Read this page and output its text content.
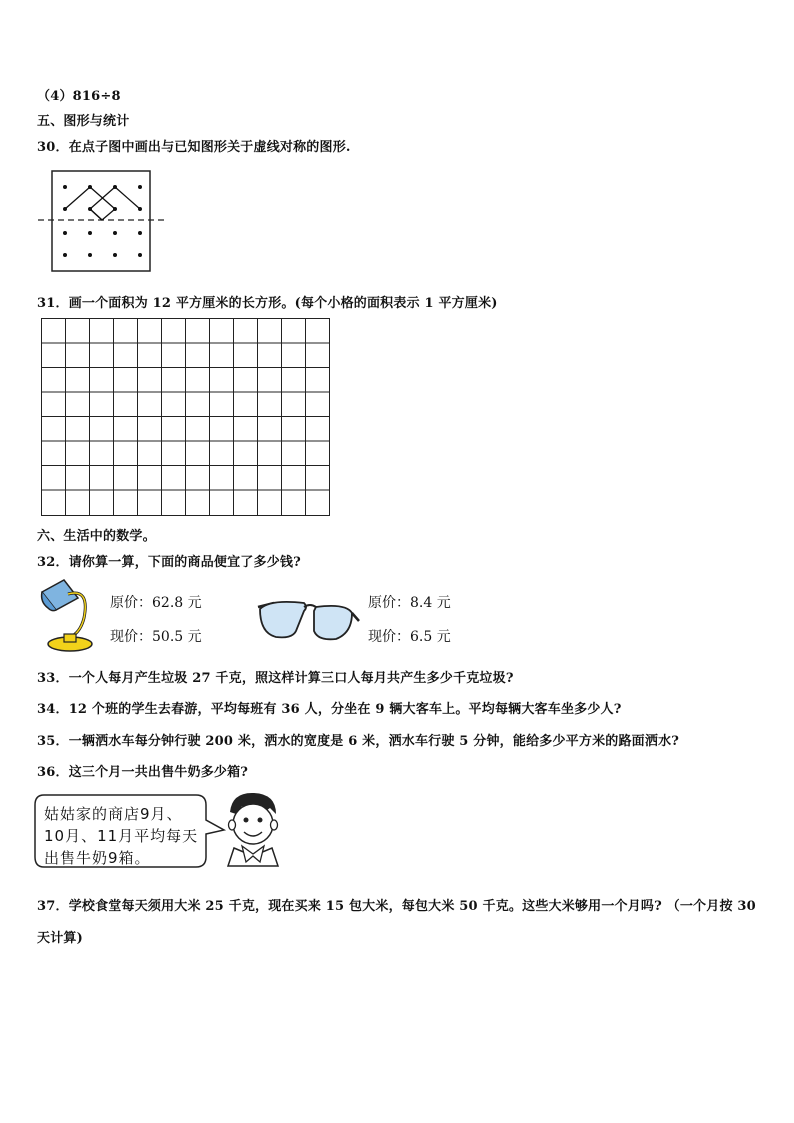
（4）816÷8
五、图形与统计
30．在点子图中画出与已知图形关于虚线对称的图形.
31．画一个面积为 12 平方厘米的长方形。(每个小格的面积表示 1 平方厘米)
六、生活中的数学。
32．请你算一算，下面的商品便宜了多少钱?
原价：62.8 元
现价：50.5 元
原价：8.4 元
现价：6.5 元
33．一个人每月产生垃圾 27 千克，照这样计算三口人每月共产生多少千克垃圾?
34．12 个班的学生去春游，平均每班有 36 人，分坐在 9 辆大客车上。平均每辆大客车坐多少人?
35．一辆洒水车每分钟行驶 200 米，洒水的宽度是 6 米，洒水车行驶 5 分钟，能给多少平方米的路面洒水?
36．这三个月一共出售牛奶多少箱?
姑姑家的商店9月、
10月、11月平均每天
出售牛奶9箱。
37．学校食堂每天须用大米 25 千克，现在买来 15 包大米，每包大米 50 千克。这些大米够用一个月吗? （一个月按 30
天计算)
